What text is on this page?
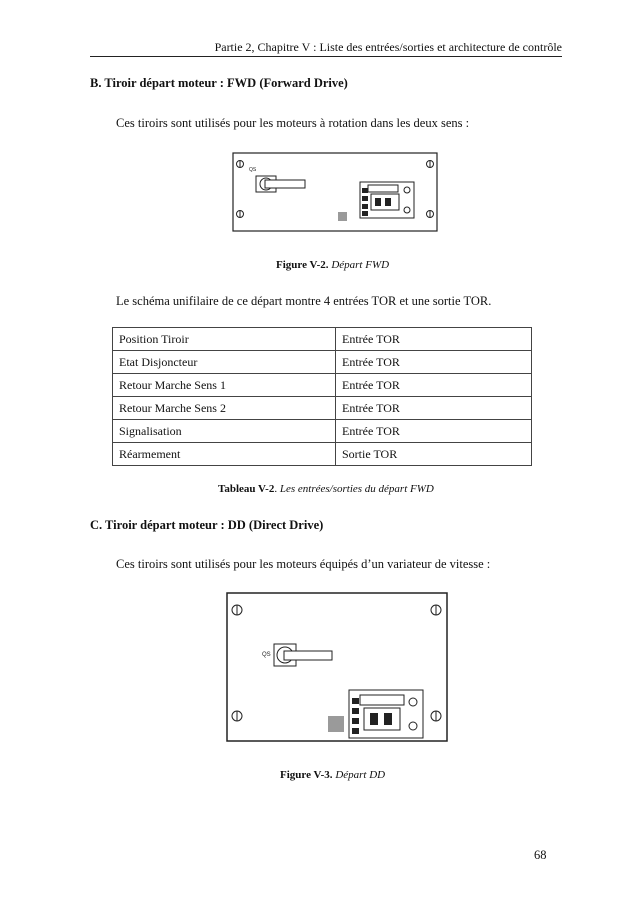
Partie 2, Chapitre V : Liste des entrées/sorties et architecture de contrôle
B. Tiroir départ moteur : FWD (Forward Drive)
Ces tiroirs sont utilisés pour les moteurs à rotation dans les deux sens :
QS
Figure V-2. Départ FWD
Le schéma unifilaire de ce départ montre 4 entrées TOR et une sortie TOR.
Position Tiroir	Entrée TOR
Etat Disjoncteur	Entrée TOR
Retour Marche Sens 1	Entrée TOR
Retour Marche Sens 2	Entrée TOR
Signalisation	Entrée TOR
Réarmement	Sortie TOR
Tableau V-2. Les entrées/sorties du départ FWD
C. Tiroir départ moteur : DD (Direct Drive)
Ces tiroirs sont utilisés pour les moteurs équipés d’un variateur de vitesse :
QS
Figure V-3. Départ DD
68
